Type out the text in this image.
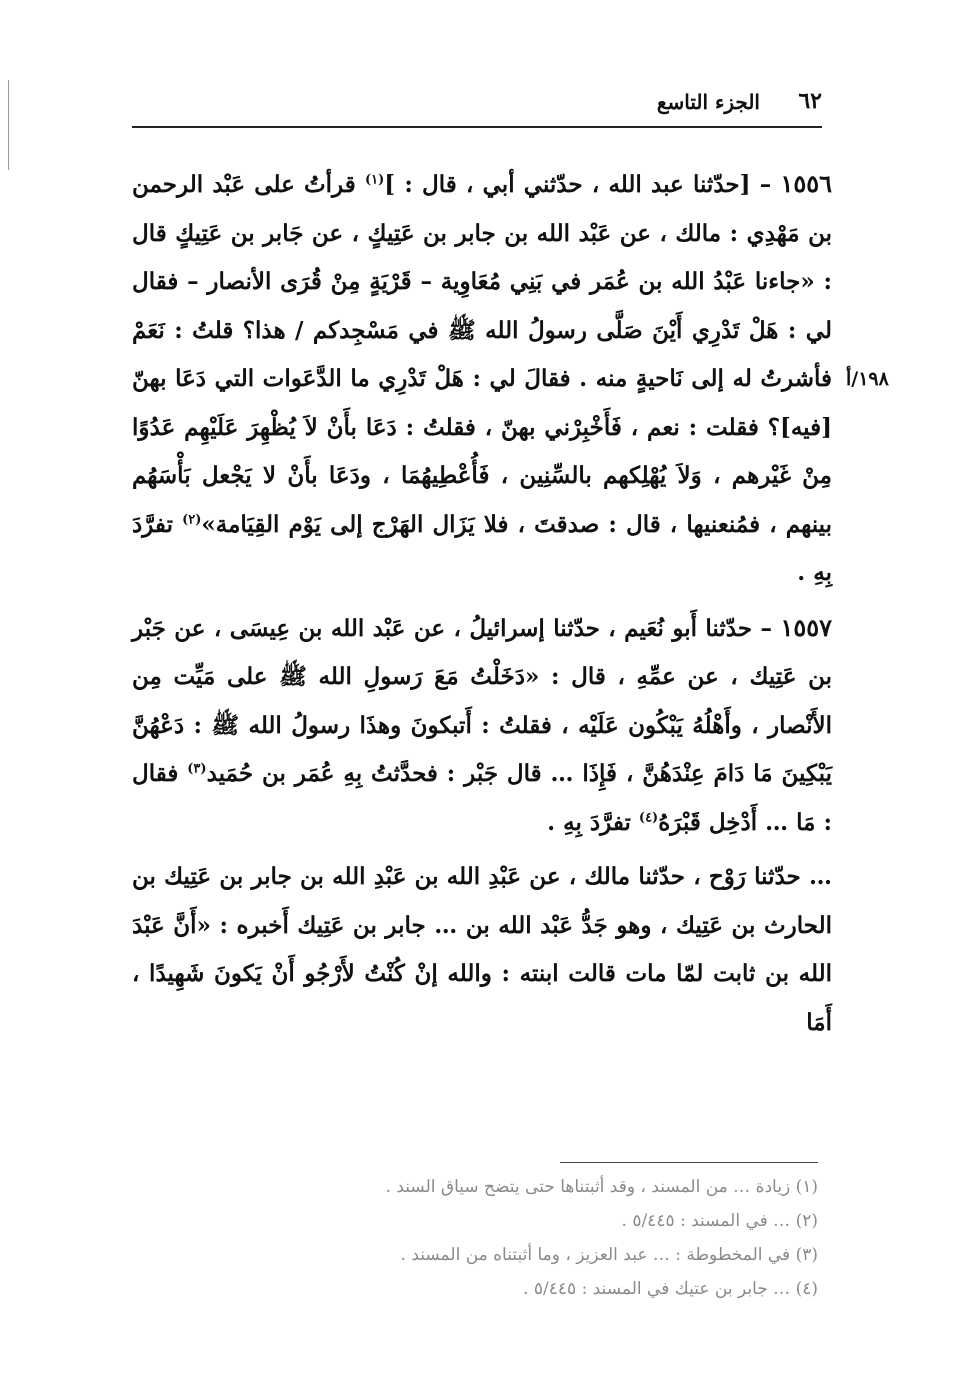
٦٢
الجزء التاسع
١٩٨/أ

١٥٥٦ – [حدّثنا عبد الله ، حدّثني أبي ، قال : ]$^{(١)}$ قرأتُ على عَبْد الرحمن بن مَهْدِي : مالك ، عن عَبْد الله بن جابر بن عَتِيكٍ ، عن جَابر بن عَتِيكٍ قال : «جاءنا عَبْدُ الله بن عُمَر في بَنِي مُعَاوِية – قَرْيَةٍ مِنْ قُرَى الأنصار – فقال لي : هَلْ تَدْرِي أَيْنَ صَلَّى رسولُ الله ﷺ في مَسْجِدكم / هذا؟ قلتُ : نَعَمْ فأشرتُ له إلى نَاحيةٍ منه . فقالَ لي : هَلْ تَدْرِي ما الدَّعَوات التي دَعَا بهنّ [فيه]؟ فقلت : نعم ، فَأَخْبِرْني بهنّ ، فقلتُ : دَعَا بأَنْ لاَ يُظْهِرَ عَلَيْهِم عَدُوًا مِنْ غَيْرهم ، وَلاَ يُهْلِكهم بالسِّنِين ، فَأُعْطِيهُمَا ، ودَعَا بأَنْ لا يَجْعل بَأْسَهُم بينهم ، فمُنعنيها ، قال : صدقتَ ، فلا يَزَال الهَرْج إلى يَوْم القِيَامة»$^{(٢)}$ تفرَّدَ بِهِ .

١٥٥٧ – حدّثنا أَبو نُعَيم ، حدّثنا إسرائيلُ ، عن عَبْد الله بن عِيسَى ، عن جَبْر بن عَتِيك ، عن عمِّهِ ، قال : «دَخَلْتُ مَعَ رَسولِ الله ﷺ على مَيِّت مِن الأَنْصار ، وأَهْلُهُ يَبْكُون عَلَيْه ، فقلتُ : أَتبكونَ وهذَا رسولُ الله ﷺ : دَعْهُنَّ يَبْكِينَ مَا دَامَ عِنْدَهُنَّ ، فَإِذَا … قال جَبْر : فحدَّثتُ بِهِ عُمَر بن حُمَيد$^{(٣)}$ فقال : مَا … أَدْخِل قَبْرَهُ$^{(٤)}$ تفرَّدَ بِهِ .

… حدّثنا رَوْح ، حدّثنا مالك ، عن عَبْدِ الله بن عَبْدِ الله بن جابر بن عَتِيك بن الحارث بن عَتِيك ، وهو جَدُّ عَبْد الله بن … جابر بن عَتِيك أَخبره : «أَنَّ عَبْدَ الله بن ثابت لمّا مات قالت ابنته : والله إنْ كُنْتُ لأَرْجُو أَنْ يَكونَ شَهِيدًا ، أَمَا

(١) زيادة … من المسند ، وقد أثبتناها حتى يتضح سياق السند .
(٢) … في المسند : ٥/٤٤٥ .
(٣) في المخطوطة : … عبد العزيز ، وما أثبتناه من المسند .
(٤) … جابر بن عتيك في المسند : ٥/٤٤٥ .
